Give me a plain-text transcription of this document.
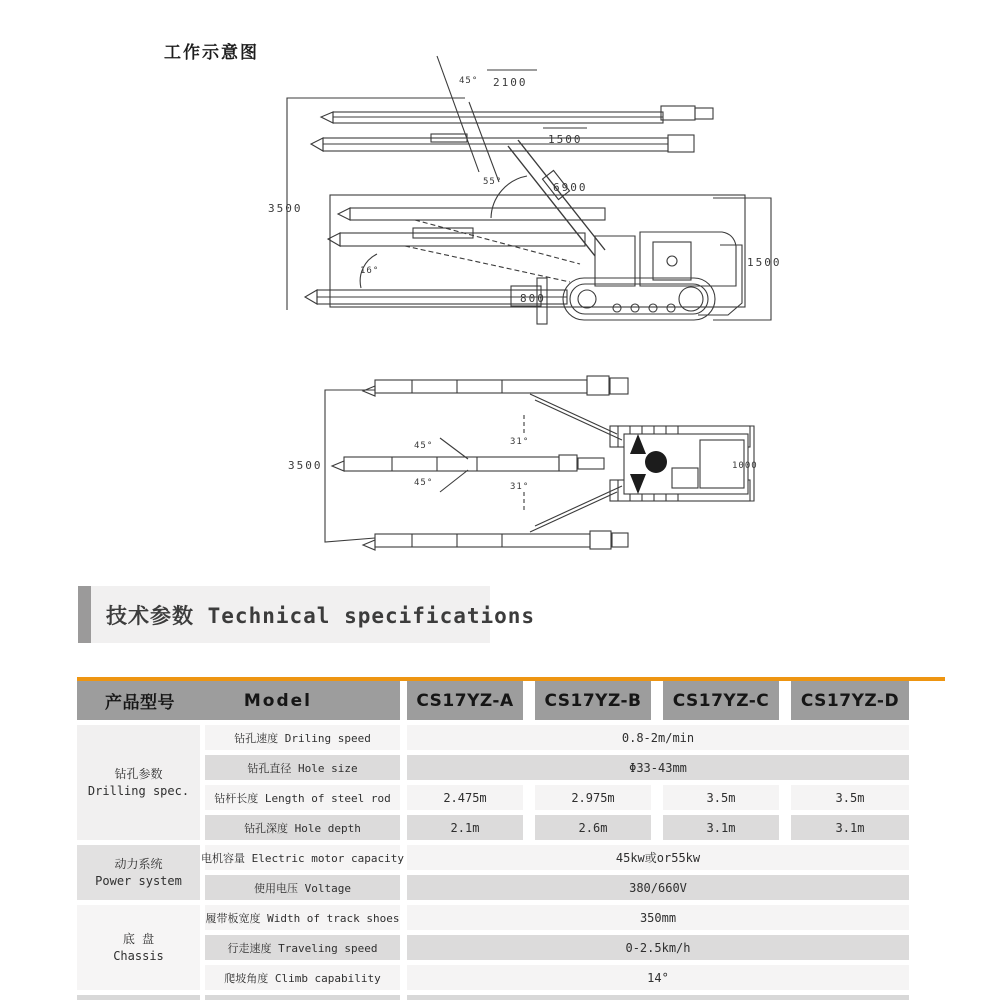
工作示意图
2100
45°
1500
6900
3500
55°
16°
800
1500
3500
45°
45°
31°
31°
1000
技术参数 Technical specifications
产品型号	Model	CS17YZ-A	CS17YZ-B	CS17YZ-C	CS17YZ-D
钻孔参数
Drilling spec.
钻孔速度 Driling speed	0.8-2m/min
钻孔直径 Hole size	Φ33-43mm
钻杆长度 Length of steel rod	2.475m	2.975m	3.5m	3.5m
钻孔深度 Hole depth	2.1m	2.6m	3.1m	3.1m
动力系统
Power system
电机容量 Electric motor capacity	45kw或or55kw
使用电压 Voltage	380/660V
底 盘
Chassis
履带板宽度 Width of track shoes	350mm
行走速度 Traveling speed	0-2.5km/h
爬坡角度 Climb capability	14°
